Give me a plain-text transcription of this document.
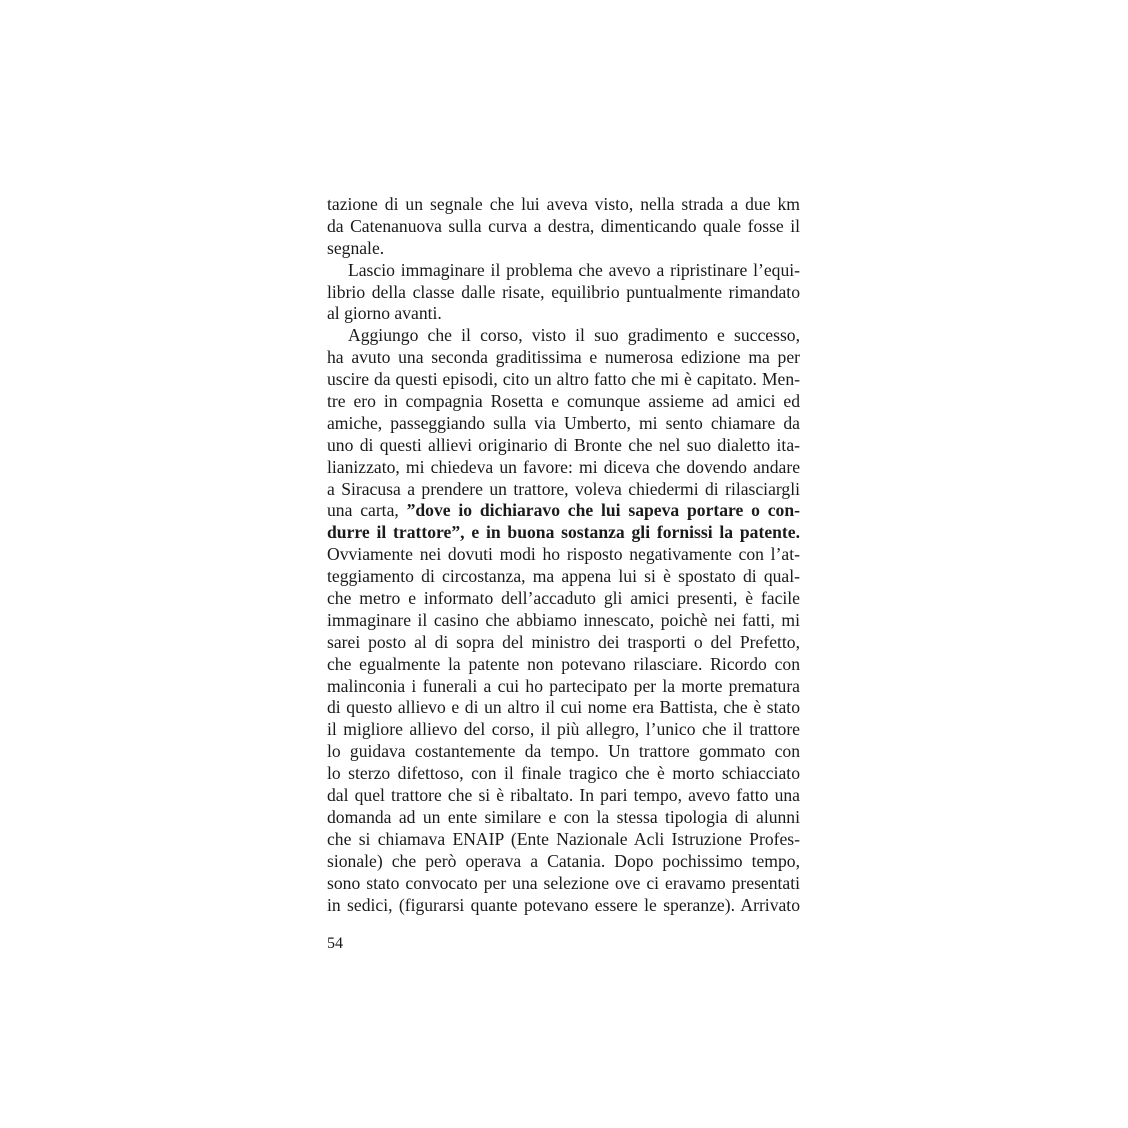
tazione di un segnale che lui aveva visto, nella strada a due km
da Catenanuova sulla curva a destra, dimenticando quale fosse il
segnale.
Lascio immaginare il problema che avevo a ripristinare l’equi-
librio della classe dalle risate, equilibrio puntualmente rimandato
al giorno avanti.
Aggiungo che il corso, visto il suo gradimento e successo,
ha avuto una seconda graditissima e numerosa edizione ma per
uscire da questi episodi, cito un altro fatto che mi è capitato. Men-
tre ero in compagnia Rosetta e comunque assieme ad amici ed
amiche, passeggiando sulla via Umberto, mi sento chiamare da
uno di questi allievi originario di Bronte che nel suo dialetto ita-
lianizzato, mi chiedeva un favore: mi diceva che dovendo andare
a Siracusa a prendere un trattore, voleva chiedermi di rilasciargli
una carta, ”dove io dichiaravo che lui sapeva portare o con-
durre il trattore”, e in buona sostanza gli fornissi la patente.
Ovviamente nei dovuti modi ho risposto negativamente con l’at-
teggiamento di circostanza, ma appena lui si è spostato di qual-
che metro e informato dell’accaduto gli amici presenti, è facile
immaginare il casino che abbiamo innescato, poichè nei fatti, mi
sarei posto al di sopra del ministro dei trasporti o del Prefetto,
che egualmente la patente non potevano rilasciare. Ricordo con
malinconia i funerali a cui ho partecipato per la morte prematura
di questo allievo e di un altro il cui nome era Battista, che è stato
il migliore allievo del corso, il più allegro, l’unico che il trattore
lo guidava costantemente da tempo. Un trattore gommato con
lo sterzo difettoso, con il finale tragico che è morto schiacciato
dal quel trattore che si è ribaltato. In pari tempo, avevo fatto una
domanda ad un ente similare e con la stessa tipologia di alunni
che si chiamava ENAIP (Ente Nazionale Acli Istruzione Profes-
sionale) che però operava a Catania. Dopo pochissimo tempo,
sono stato convocato per una selezione ove ci eravamo presentati
in sedici, (figurarsi quante potevano essere le speranze). Arrivato
54
